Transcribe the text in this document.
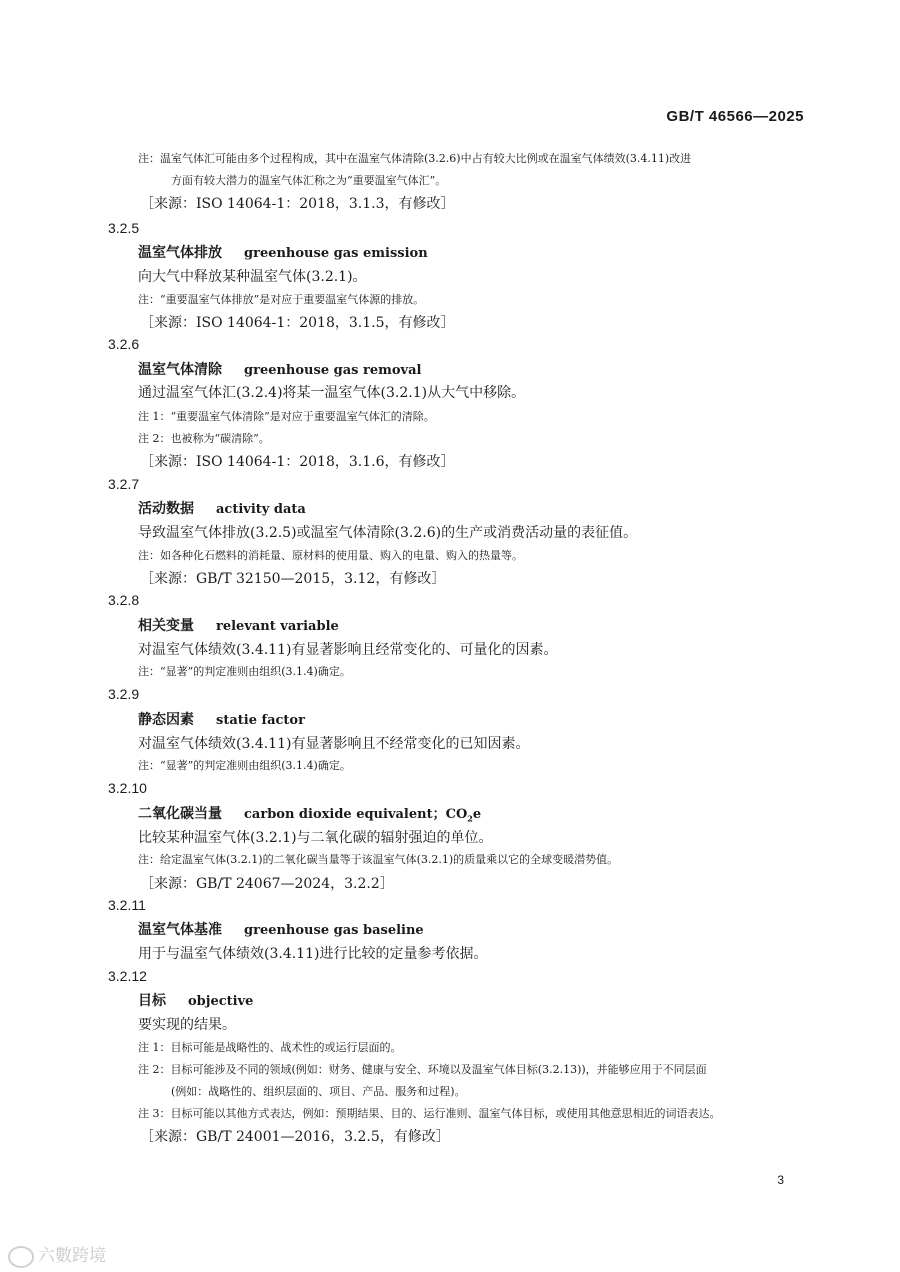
GB/T 46566—2025
注：温室气体汇可能由多个过程构成，其中在温室气体清除(3.2.6)中占有较大比例或在温室气体绩效(3.4.11)改进
方面有较大潜力的温室气体汇称之为“重要温室气体汇”。
［来源：ISO 14064-1：2018，3.1.3，有修改］
3.2.5
温室气体排放 greenhouse gas emission
向大气中释放某种温室气体(3.2.1)。
注：“重要温室气体排放”是对应于重要温室气体源的排放。
［来源：ISO 14064-1：2018，3.1.5，有修改］
3.2.6
温室气体清除 greenhouse gas removal
通过温室气体汇(3.2.4)将某一温室气体(3.2.1)从大气中移除。
注 1：“重要温室气体清除”是对应于重要温室气体汇的清除。
注 2：也被称为“碳清除”。
［来源：ISO 14064-1：2018，3.1.6，有修改］
3.2.7
活动数据 activity data
导致温室气体排放(3.2.5)或温室气体清除(3.2.6)的生产或消费活动量的表征值。
注：如各种化石燃料的消耗量、原材料的使用量、购入的电量、购入的热量等。
［来源：GB/T 32150—2015，3.12，有修改］
3.2.8
相关变量 relevant variable
对温室气体绩效(3.4.11)有显著影响且经常变化的、可量化的因素。
注：“显著”的判定准则由组织(3.1.4)确定。
3.2.9
静态因素 statie factor
对温室气体绩效(3.4.11)有显著影响且不经常变化的已知因素。
注：“显著”的判定准则由组织(3.1.4)确定。
3.2.10
二氧化碳当量 carbon dioxide equivalent；$CO_2e$
比较某种温室气体(3.2.1)与二氧化碳的辐射强迫的单位。
注：给定温室气体(3.2.1)的二氧化碳当量等于该温室气体(3.2.1)的质量乘以它的全球变暖潜势值。
［来源：GB/T 24067—2024，3.2.2］
3.2.11
温室气体基准 greenhouse gas baseline
用于与温室气体绩效(3.4.11)进行比较的定量参考依据。
3.2.12
目标 objective
要实现的结果。
注 1：目标可能是战略性的、战术性的或运行层面的。
注 2：目标可能涉及不同的领域(例如：财务、健康与安全、环境以及温室气体目标(3.2.13))，并能够应用于不同层面
(例如：战略性的、组织层面的、项目、产品、服务和过程)。
注 3：目标可能以其他方式表达，例如：预期结果、目的、运行准则、温室气体目标，或使用其他意思相近的词语表达。
［来源：GB/T 24001—2016，3.2.5，有修改］
3
六數跨境
